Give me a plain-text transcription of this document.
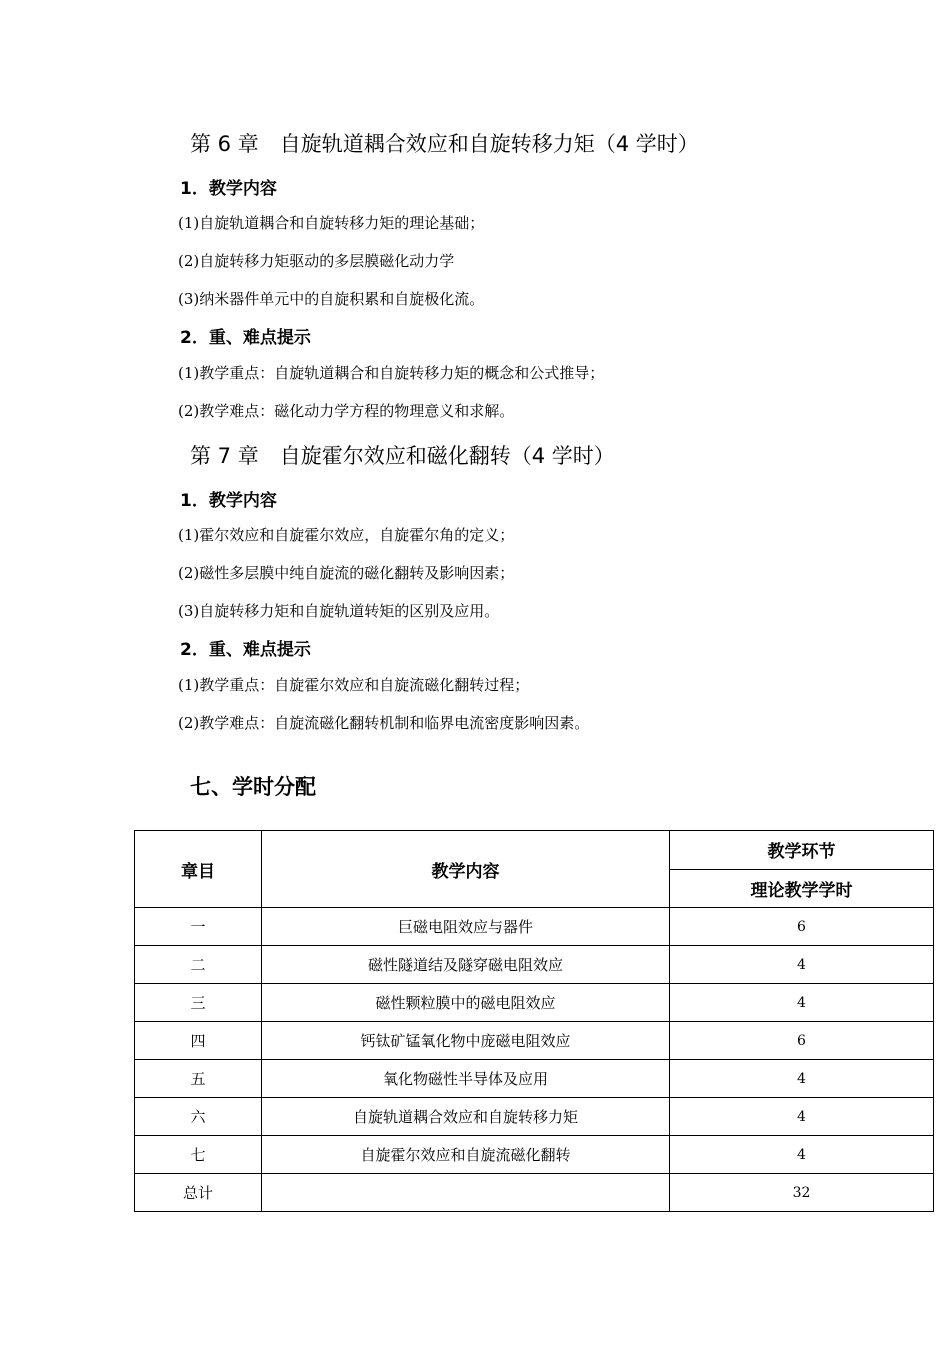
第 6 章　自旋轨道耦合效应和自旋转移力矩（4 学时）
1．教学内容
(1)自旋轨道耦合和自旋转移力矩的理论基础；
(2)自旋转移力矩驱动的多层膜磁化动力学
(3)纳米器件单元中的自旋积累和自旋极化流。
2．重、难点提示
(1)教学重点：自旋轨道耦合和自旋转移力矩的概念和公式推导；
(2)教学难点：磁化动力学方程的物理意义和求解。
第 7 章　自旋霍尔效应和磁化翻转（4 学时）
1．教学内容
(1)霍尔效应和自旋霍尔效应，自旋霍尔角的定义；
(2)磁性多层膜中纯自旋流的磁化翻转及影响因素；
(3)自旋转移力矩和自旋轨道转矩的区别及应用。
2．重、难点提示
(1)教学重点：自旋霍尔效应和自旋流磁化翻转过程；
(2)教学难点：自旋流磁化翻转机制和临界电流密度影响因素。
七、学时分配
章目	教学内容	教学环节
		理论教学学时
一	巨磁电阻效应与器件	6
二	磁性隧道结及隧穿磁电阻效应	4
三	磁性颗粒膜中的磁电阻效应	4
四	钙钛矿锰氧化物中庞磁电阻效应	6
五	氧化物磁性半导体及应用	4
六	自旋轨道耦合效应和自旋转移力矩	4
七	自旋霍尔效应和自旋流磁化翻转	4
总计		32
